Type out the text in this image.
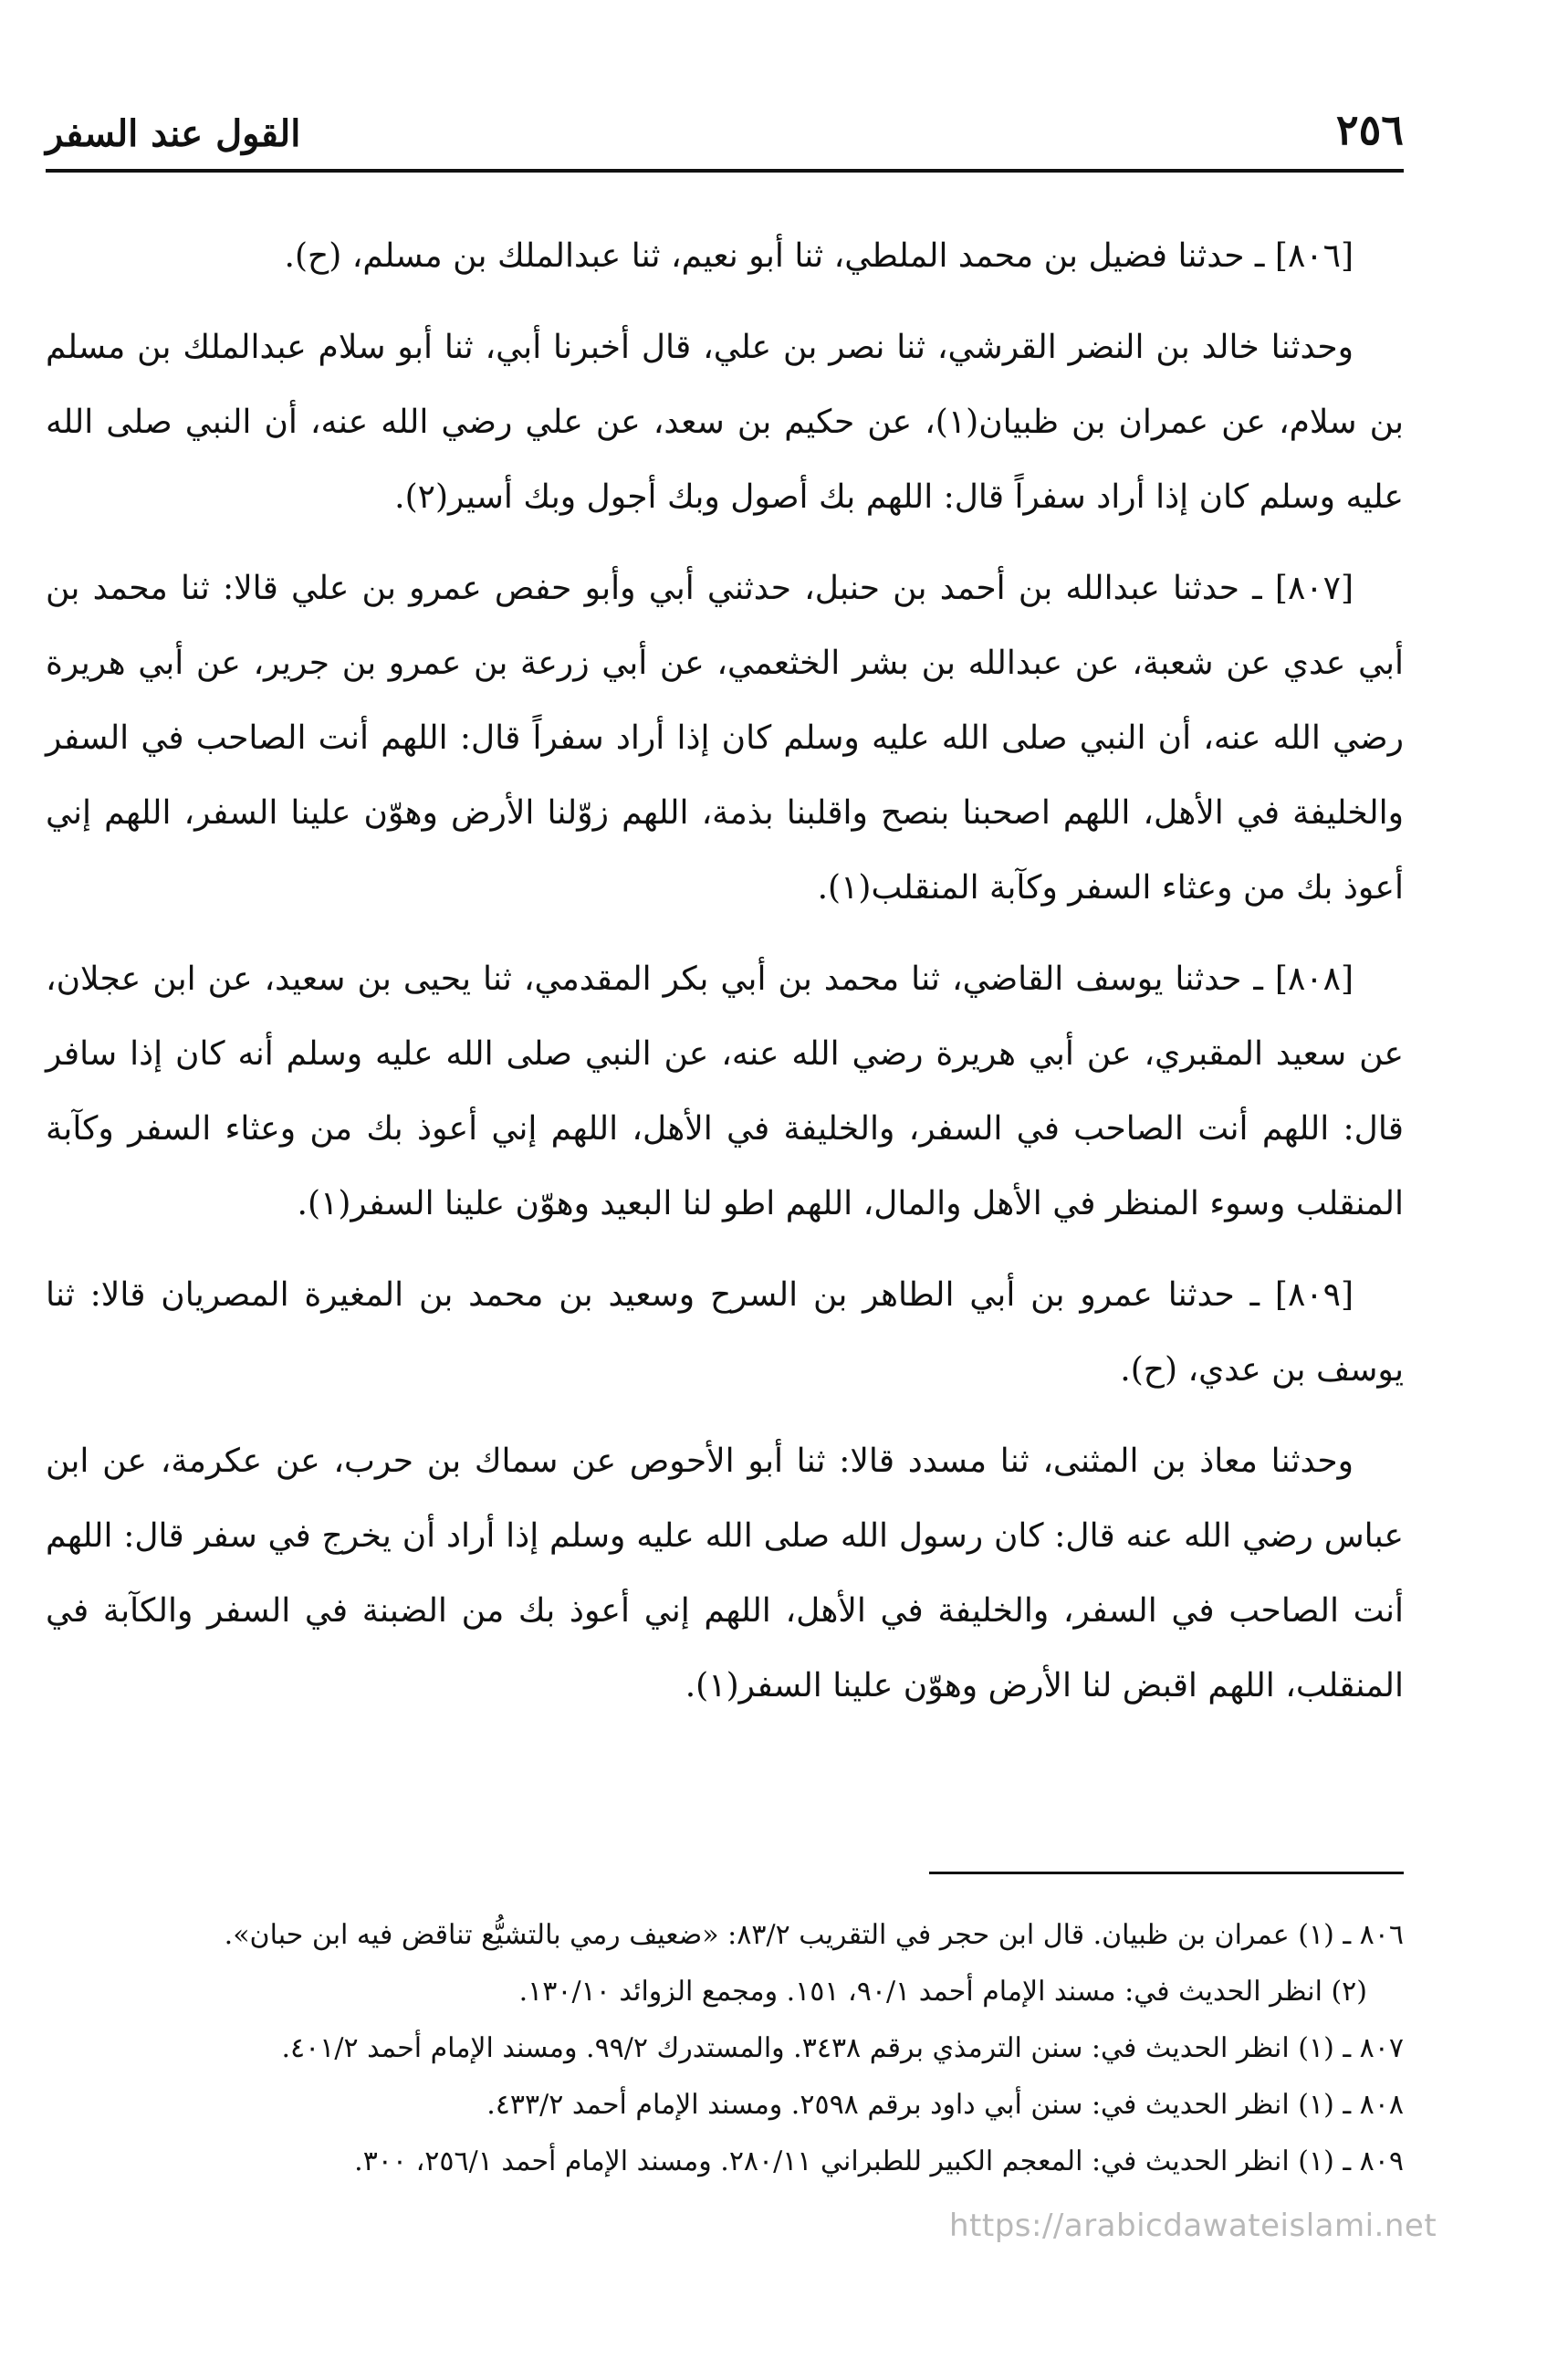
٢٥٦
القول عند السفر

[٨٠٦] ـ حدثنا فضيل بن محمد الملطي، ثنا أبو نعيم، ثنا عبدالملك بن مسلم، (ح).

وحدثنا خالد بن النضر القرشي، ثنا نصر بن علي، قال أخبرنا أبي، ثنا أبو سلام عبدالملك بن مسلم بن سلام، عن عمران بن ظبيان(١)، عن حكيم بن سعد، عن علي رضي الله عنه، أن النبي صلى الله عليه وسلم كان إذا أراد سفراً قال: اللهم بك أصول وبك أجول وبك أسير(٢).

[٨٠٧] ـ حدثنا عبدالله بن أحمد بن حنبل، حدثني أبي وأبو حفص عمرو بن علي قالا: ثنا محمد بن أبي عدي عن شعبة، عن عبدالله بن بشر الخثعمي، عن أبي زرعة بن عمرو بن جرير، عن أبي هريرة رضي الله عنه، أن النبي صلى الله عليه وسلم كان إذا أراد سفراً قال: اللهم أنت الصاحب في السفر والخليفة في الأهل، اللهم اصحبنا بنصح واقلبنا بذمة، اللهم زوّلنا الأرض وهوّن علينا السفر، اللهم إني أعوذ بك من وعثاء السفر وكآبة المنقلب(١).

[٨٠٨] ـ حدثنا يوسف القاضي، ثنا محمد بن أبي بكر المقدمي، ثنا يحيى بن سعيد، عن ابن عجلان، عن سعيد المقبري، عن أبي هريرة رضي الله عنه، عن النبي صلى الله عليه وسلم أنه كان إذا سافر قال: اللهم أنت الصاحب في السفر، والخليفة في الأهل، اللهم إني أعوذ بك من وعثاء السفر وكآبة المنقلب وسوء المنظر في الأهل والمال، اللهم اطو لنا البعيد وهوّن علينا السفر(١).

[٨٠٩] ـ حدثنا عمرو بن أبي الطاهر بن السرح وسعيد بن محمد بن المغيرة المصريان قالا: ثنا يوسف بن عدي، (ح).

وحدثنا معاذ بن المثنى، ثنا مسدد قالا: ثنا أبو الأحوص عن سماك بن حرب، عن عكرمة، عن ابن عباس رضي الله عنه قال: كان رسول الله صلى الله عليه وسلم إذا أراد أن يخرج في سفر قال: اللهم أنت الصاحب في السفر، والخليفة في الأهل، اللهم إني أعوذ بك من الضبنة في السفر والكآبة في المنقلب، اللهم اقبض لنا الأرض وهوّن علينا السفر(١).

٨٠٦ ـ (١) عمران بن ظبيان. قال ابن حجر في التقريب ٨٣/٢: «ضعيف رمي بالتشيُّع تناقض فيه ابن حبان».

(٢) انظر الحديث في: مسند الإمام أحمد ٩٠/١، ١٥١. ومجمع الزوائد ١٣٠/١٠.

٨٠٧ ـ (١) انظر الحديث في: سنن الترمذي برقم ٣٤٣٨. والمستدرك ٩٩/٢. ومسند الإمام أحمد ٤٠١/٢.

٨٠٨ ـ (١) انظر الحديث في: سنن أبي داود برقم ٢٥٩٨. ومسند الإمام أحمد ٤٣٣/٢.

٨٠٩ ـ (١) انظر الحديث في: المعجم الكبير للطبراني ٢٨٠/١١. ومسند الإمام أحمد ٢٥٦/١، ٣٠٠.

https://arabicdawateislami.net
